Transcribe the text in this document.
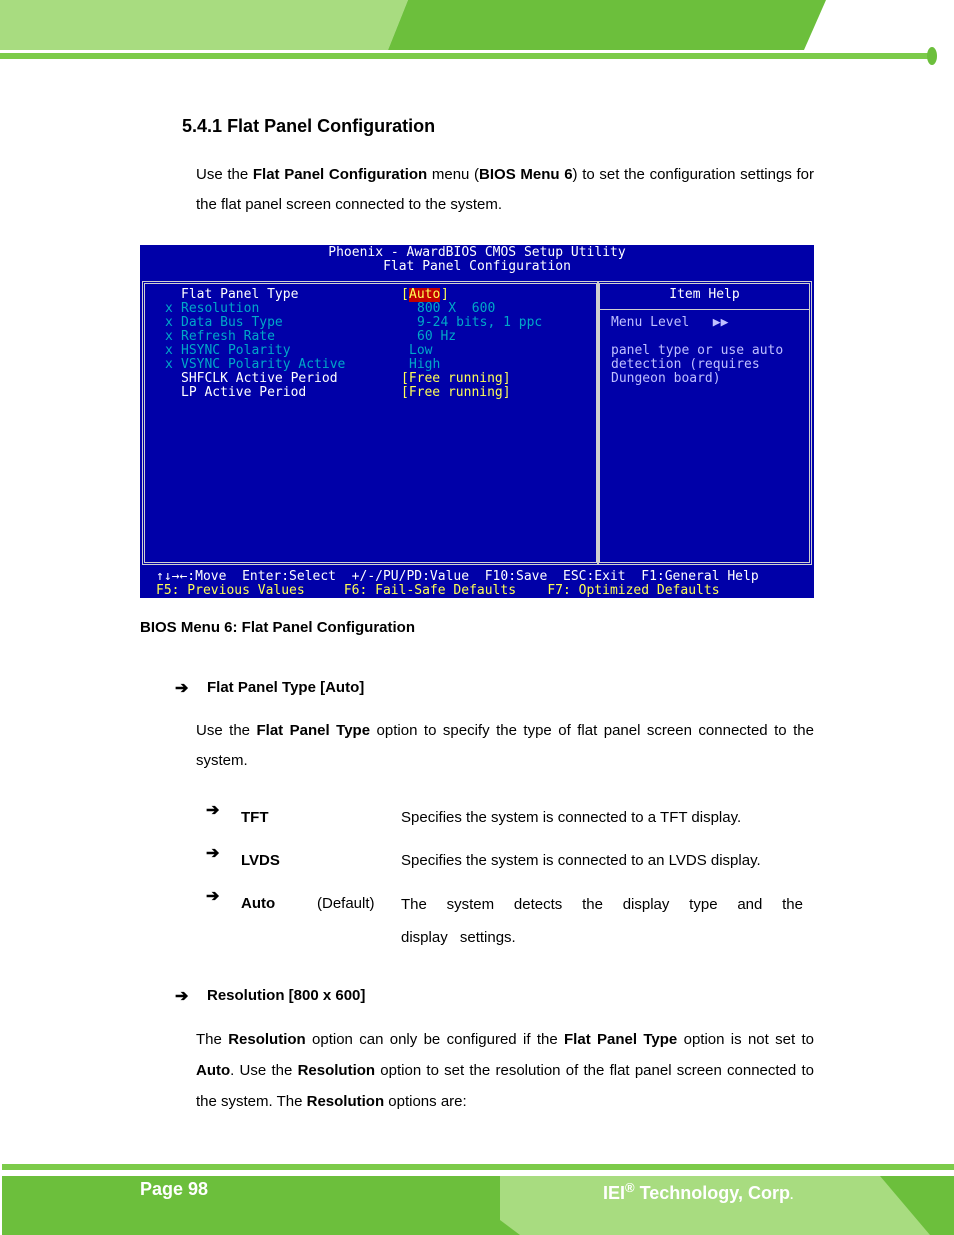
5.4.1 Flat Panel Configuration
Use the Flat Panel Configuration menu (BIOS Menu 6) to set the configuration settings for the flat panel screen connected to the system.
Phoenix - AwardBIOS CMOS Setup Utility
Flat Panel Configuration
Flat Panel Type	[ Auto ]
x Resolution	800 X  600
x Data Bus Type	9-24 bits, 1 ppc
x Refresh Rate	60 Hz
x HSYNC Polarity	Low
x VSYNC Polarity Active	High
SHFCLK Active Period	[Free running]
LP Active Period	[Free running]
Item Help
Menu Level   ▶▶
panel type or use auto
detection (requires
Dungeon board)
↑↓→←:Move  Enter:Select  +/-/PU/PD:Value  F10:Save  ESC:Exit  F1:General Help
F5: Previous Values     F6: Fail-Safe Defaults    F7: Optimized Defaults
BIOS Menu 6: Flat Panel Configuration
➔ Flat Panel Type [Auto]
Use the Flat Panel Type option to specify the type of flat panel screen connected to the system.
➔ TFT	Specifies the system is connected to a TFT display.
➔ LVDS	Specifies the system is connected to an LVDS display.
➔ Auto	(Default) The system detects the display type and the display settings.
➔ Resolution [800 x 600]
The Resolution option can only be configured if the Flat Panel Type option is not set to Auto. Use the Resolution option to set the resolution of the flat panel screen connected to the system. The Resolution options are:
Page 98	IEI® Technology, Corp.
